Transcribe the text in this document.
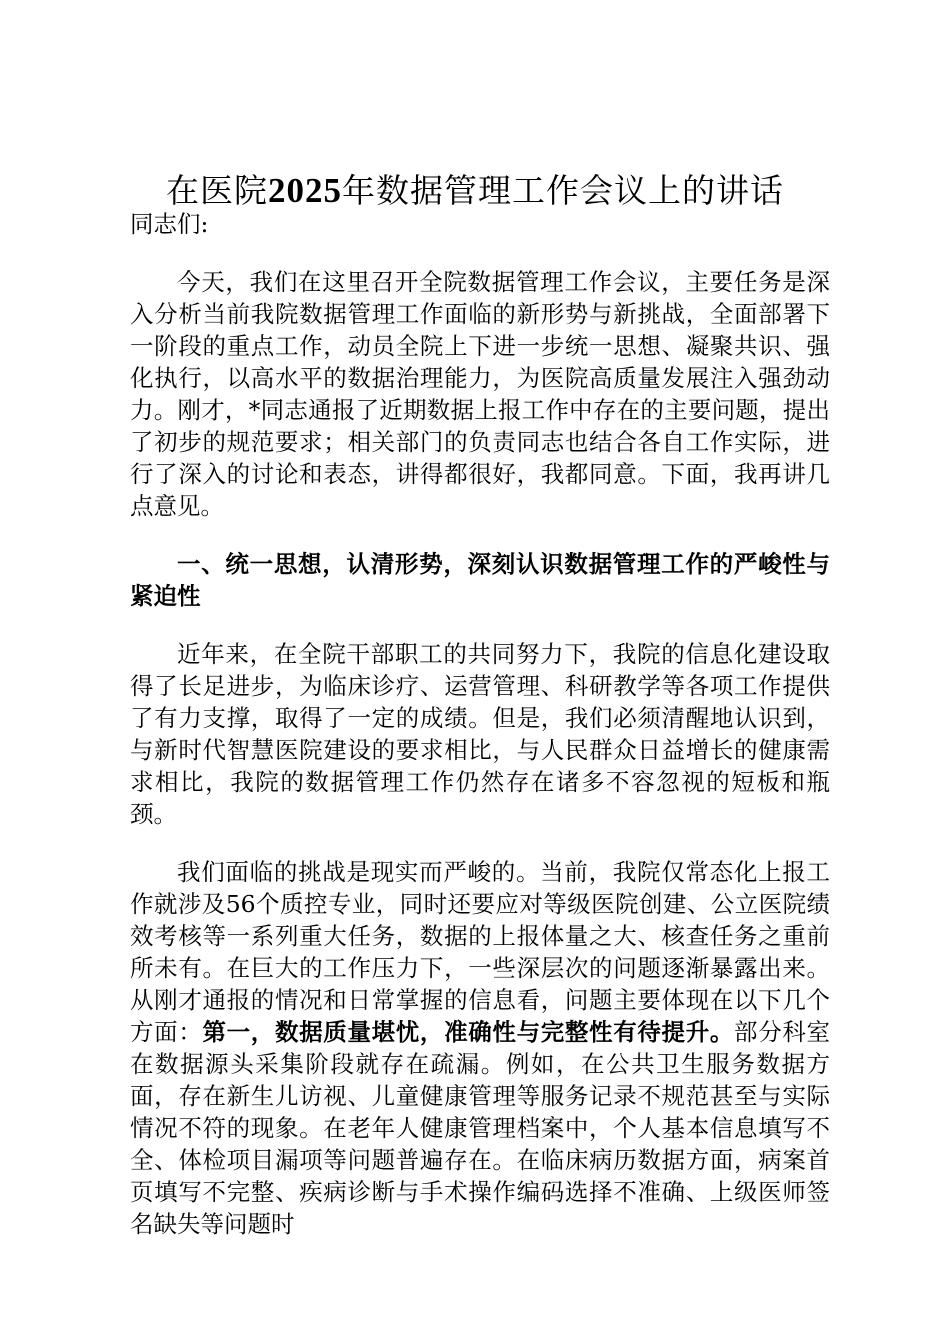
在医院2025年数据管理工作会议上的讲话
同志们:

今天，我们在这里召开全院数据管理工作会议，主要任务是深入分析当前我院数据管理工作面临的新形势与新挑战，全面部署下一阶段的重点工作，动员全院上下进一步统一思想、凝聚共识、强化执行，以高水平的数据治理能力，为医院高质量发展注入强劲动力。刚才，*同志通报了近期数据上报工作中存在的主要问题，提出了初步的规范要求；相关部门的负责同志也结合各自工作实际，进行了深入的讨论和表态，讲得都很好，我都同意。下面，我再讲几点意见。

一、统一思想，认清形势，深刻认识数据管理工作的严峻性与紧迫性

近年来，在全院干部职工的共同努力下，我院的信息化建设取得了长足进步，为临床诊疗、运营管理、科研教学等各项工作提供了有力支撑，取得了一定的成绩。但是，我们必须清醒地认识到，与新时代智慧医院建设的要求相比，与人民群众日益增长的健康需求相比，我院的数据管理工作仍然存在诸多不容忽视的短板和瓶颈。

我们面临的挑战是现实而严峻的。当前，我院仅常态化上报工作就涉及56个质控专业，同时还要应对等级医院创建、公立医院绩效考核等一系列重大任务，数据的上报体量之大、核查任务之重前所未有。在巨大的工作压力下，一些深层次的问题逐渐暴露出来。从刚才通报的情况和日常掌握的信息看，问题主要体现在以下几个方面：第一，数据质量堪忧，准确性与完整性有待提升。部分科室在数据源头采集阶段就存在疏漏。例如，在公共卫生服务数据方面，存在新生儿访视、儿童健康管理等服务记录不规范甚至与实际情况不符的现象。在老年人健康管理档案中，个人基本信息填写不全、体检项目漏项等问题普遍存在。在临床病历数据方面，病案首页填写不完整、疾病诊断与手术操作编码选择不准确、上级医师签名缺失等问题时
